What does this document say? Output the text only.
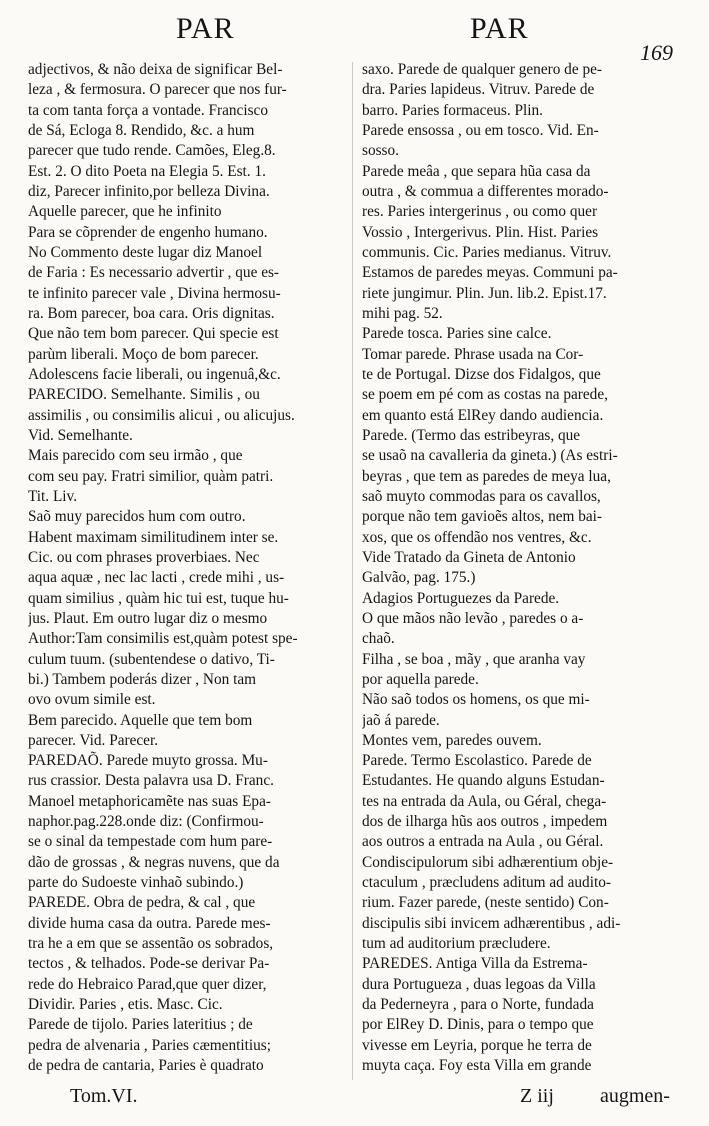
PAR	PAR
169
adjectivos, & não deixa de significar Bel-
leza , & fermosura. O parecer que nos fur-
ta com tanta força a vontade. Francisco
de Sá, Ecloga 8. Rendido, &c. a hum
parecer que tudo rende. Camões, Eleg.8.
Est. 2. O dito Poeta na Elegia 5. Est. 1.
diz, Parecer infinito,por belleza Divina.
Aquelle parecer, que he infinito
Para se cõprender de engenho humano.
No Commento deste lugar diz Manoel
de Faria : Es necessario advertir , que es-
te infinito parecer vale , Divina hermosu-
ra. Bom parecer, boa cara. Oris dignitas.
Que não tem bom parecer. Qui specie est
parùm liberali. Moço de bom parecer.
Adolescens facie liberali, ou ingenuâ,&c.
PARECIDO. Semelhante. Similis , ou
assimilis , ou consimilis alicui , ou alicujus.
Vid. Semelhante.
Mais parecido com seu irmão , que
com seu pay. Fratri similior, quàm patri.
Tit. Liv.
Saõ muy parecidos hum com outro.
Habent maximam similitudinem inter se.
Cic. ou com phrases proverbiaes. Nec
aqua aquæ , nec lac lacti , crede mihi , us-
quam similius , quàm hic tui est, tuque hu-
jus. Plaut. Em outro lugar diz o mesmo
Author:Tam consimilis est,quàm potest spe-
culum tuum. (subentendese o dativo, Ti-
bi.) Tambem poderás dizer , Non tam
ovo ovum simile est.
Bem parecido. Aquelle que tem bom
parecer. Vid. Parecer.
PAREDAÕ. Parede muyto grossa. Mu-
rus crassior. Desta palavra usa D. Franc.
Manoel metaphoricamẽte nas suas Epa-
naphor.pag.228.onde diz: (Confirmou-
se o sinal da tempestade com hum pare-
dão de grossas , & negras nuvens, que da
parte do Sudoeste vinhaõ subindo.)
PAREDE. Obra de pedra, & cal , que
divide huma casa da outra. Parede mes-
tra he a em que se assentão os sobrados,
tectos , & telhados. Pode-se derivar Pa-
rede do Hebraico Parad,que quer dizer,
Dividir. Paries , etis. Masc. Cic.
Parede de tijolo. Paries lateritius ; de
pedra de alvenaria , Paries cæmentitius;
de pedra de cantaria, Paries è quadrato
saxo. Parede de qualquer genero de pe-
dra. Paries lapideus. Vitruv. Parede de
barro. Paries formaceus. Plin.
Parede ensossa , ou em tosco. Vid. En-
sosso.
Parede meâa , que separa hũa casa da
outra , & commua a differentes morado-
res. Paries intergerinus , ou como quer
Vossio , Intergerivus. Plin. Hist. Paries
communis. Cic. Paries medianus. Vitruv.
Estamos de paredes meyas. Communi pa-
riete jungimur. Plin. Jun. lib.2. Epist.17.
mihi pag. 52.
Parede tosca. Paries sine calce.
Tomar parede. Phrase usada na Cor-
te de Portugal. Dizse dos Fidalgos, que
se poem em pé com as costas na parede,
em quanto está ElRey dando audiencia.
Parede. (Termo das estribeyras, que
se usaõ na cavalleria da gineta.) (As estri-
beyras , que tem as paredes de meya lua,
saõ muyto commodas para os cavallos,
porque não tem gavioẽs altos, nem bai-
xos, que os offendão nos ventres, &c.
Vide Tratado da Gineta de Antonio
Galvão, pag. 175.)
Adagios Portuguezes da Parede.
O que mãos não levão , paredes o a-
chaõ.
Filha , se boa , mãy , que aranha vay
por aquella parede.
Não saõ todos os homens, os que mi-
jaõ á parede.
Montes vem, paredes ouvem.
Parede. Termo Escolastico. Parede de
Estudantes. He quando alguns Estudan-
tes na entrada da Aula, ou Géral, chega-
dos de ilharga hũs aos outros , impedem
aos outros a entrada na Aula , ou Géral.
Condiscipulorum sibi adhærentium obje-
ctaculum , præcludens aditum ad audito-
rium. Fazer parede, (neste sentido) Con-
discipulis sibi invicem adhærentibus , adi-
tum ad auditorium præcludere.
PAREDES. Antiga Villa da Estrema-
dura Portugueza , duas legoas da Villa
da Pederneyra , para o Norte, fundada
por ElRey D. Dinis, para o tempo que
vivesse em Leyria, porque he terra de
muyta caça. Foy esta Villa em grande
Tom.VI.	Z iij augmen-
